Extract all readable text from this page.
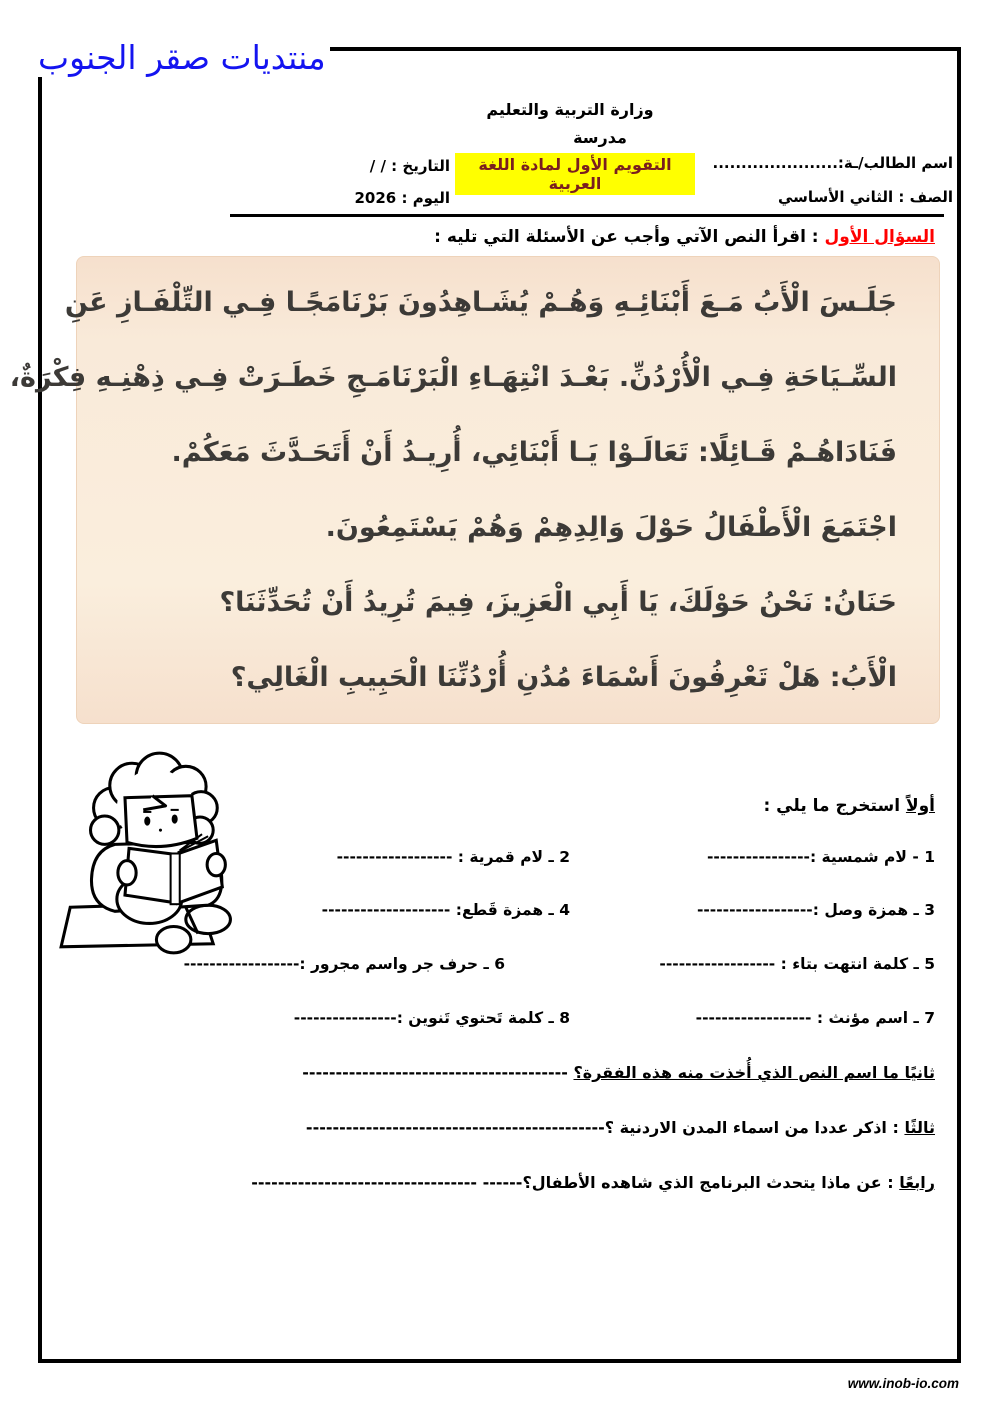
منتديات صقر الجنوب
وزارة التربية والتعليم
مدرسة
التقويم الأول لمادة اللغة العربية
اسم الطالب/ـة:......................
الصف : الثاني الأساسي
التاريخ : / /
اليوم : 2026
السؤال الأول : اقرأ النص الآتي وأجب عن الأسئلة التي تليه :
جَلَـسَ الْأَبُ مَـعَ أَبْنَائِـهِ وَهُـمْ يُشَـاهِدُونَ بَرْنَامَجًـا فِـي التِّلْفَـازِ عَنِ
السِّـيَاحَةِ فِـي الْأُرْدُنِّ. بَعْـدَ انْتِهَـاءِ الْبَرْنَامَـجِ خَطَـرَتْ فِـي ذِهْنِـهِ فِكْرَةٌ،
فَنَادَاهُـمْ قَـائِلًا: تَعَالَـوْا يَـا أَبْنَائِي، أُرِيـدُ أَنْ أَتَحَـدَّثَ مَعَكُمْ.
اجْتَمَعَ الْأَطْفَالُ حَوْلَ وَالِدِهِمْ وَهُمْ يَسْتَمِعُونَ.
حَنَانُ: نَحْنُ حَوْلَكَ، يَا أَبِي الْعَزِيزَ، فِيمَ تُرِيدُ أَنْ تُحَدِّثَنَا؟
الْأَبُ: هَلْ تَعْرِفُونَ أَسْمَاءَ مُدُنِ أُرْدُنِّنَا الْحَبِيبِ الْغَالِي؟
أولاً استخرج ما يلي :
1 - لام شمسية :----------------
2 ـ لام قمرية : ------------------
3 ـ همزة وصل :------------------
4 ـ همزة قَطع: --------------------
5 ـ كلمة انتهت بتاء : ------------------
6 ـ حرف جر واسم مجرور :------------------
7 ـ اسم مؤنث : ------------------
8 ـ كلمة تَحتوي تَنوين :----------------
ثانيًا ما اسم النص الذي أُخذت منه هذه الفقرة؟ ----------------------------------------
ثالثًا : اذكر عددا من اسماء المدن الاردنية ؟---------------------------------------------
رابعًا : عن ماذا يتحدث البرنامج الذي شاهده الأطفال؟------ ----------------------------------
www.inob-io.com
